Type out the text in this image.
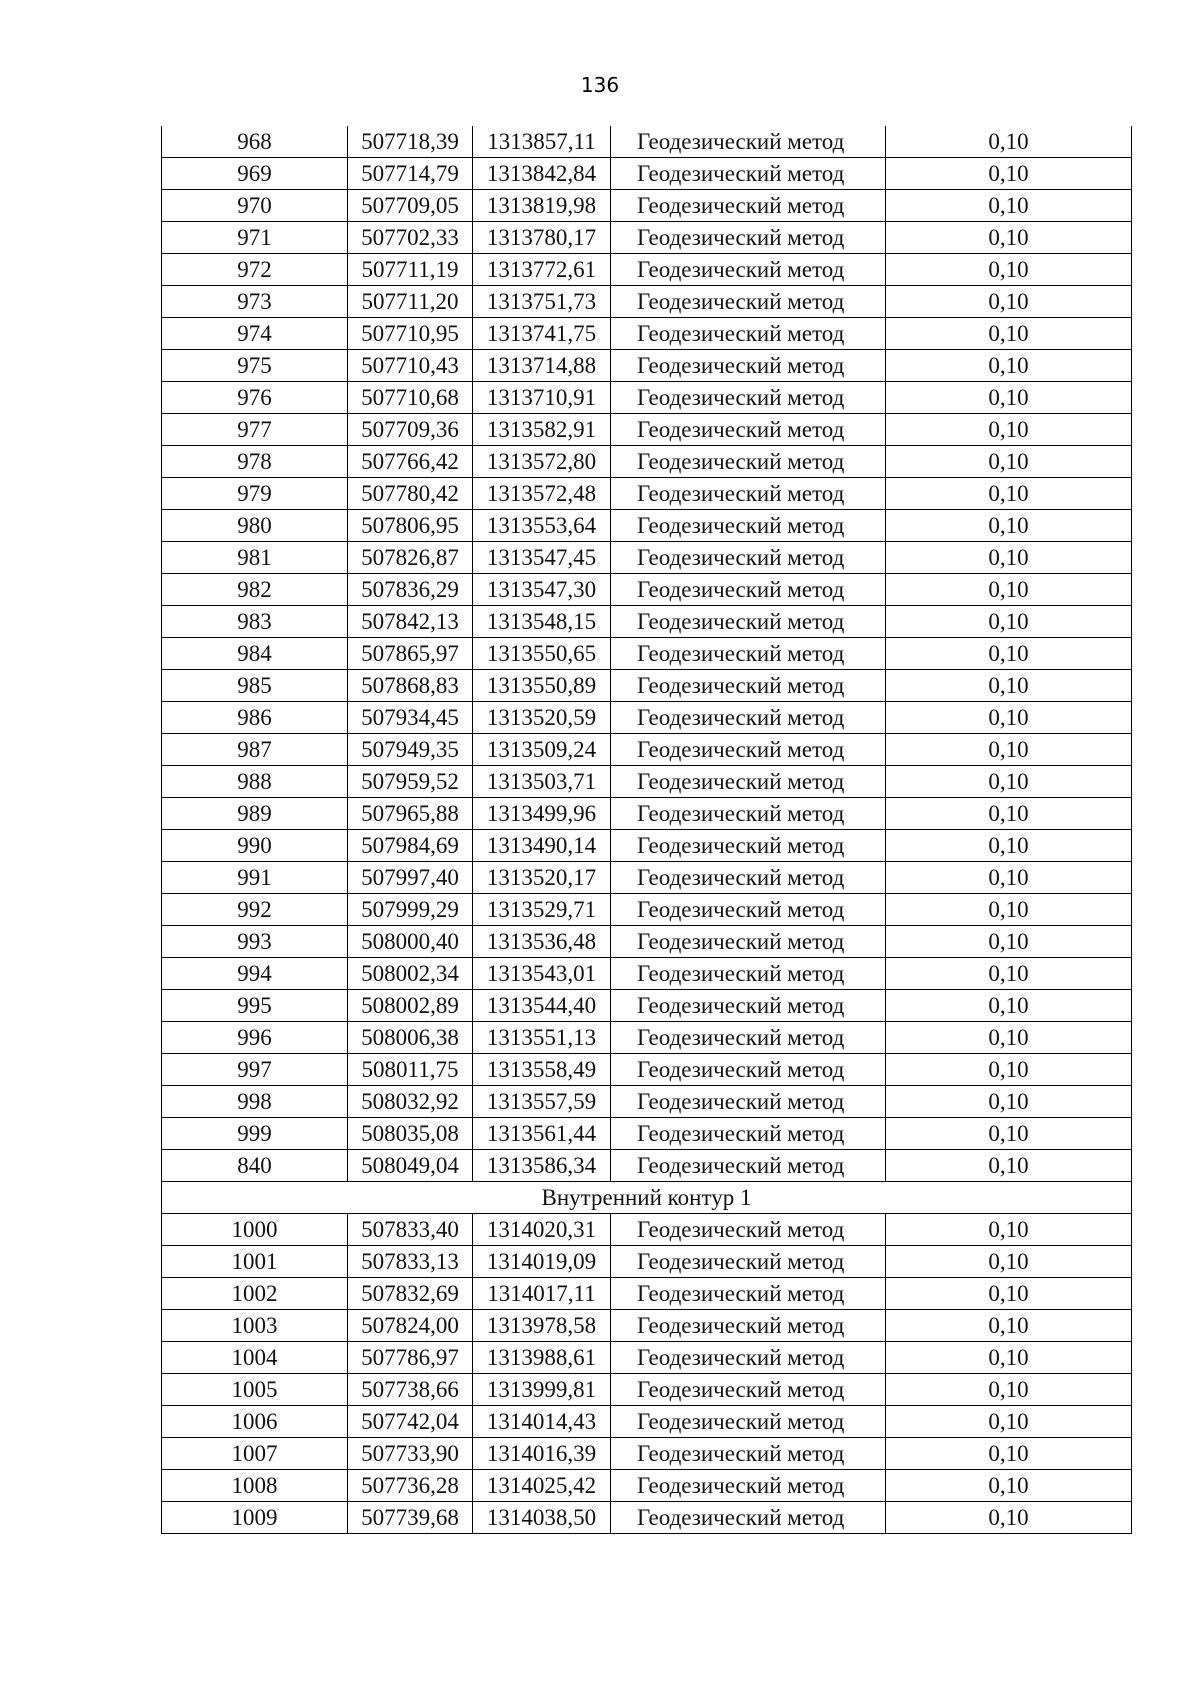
136
968	507718,39	1313857,11	Геодезический метод	0,10
969	507714,79	1313842,84	Геодезический метод	0,10
970	507709,05	1313819,98	Геодезический метод	0,10
971	507702,33	1313780,17	Геодезический метод	0,10
972	507711,19	1313772,61	Геодезический метод	0,10
973	507711,20	1313751,73	Геодезический метод	0,10
974	507710,95	1313741,75	Геодезический метод	0,10
975	507710,43	1313714,88	Геодезический метод	0,10
976	507710,68	1313710,91	Геодезический метод	0,10
977	507709,36	1313582,91	Геодезический метод	0,10
978	507766,42	1313572,80	Геодезический метод	0,10
979	507780,42	1313572,48	Геодезический метод	0,10
980	507806,95	1313553,64	Геодезический метод	0,10
981	507826,87	1313547,45	Геодезический метод	0,10
982	507836,29	1313547,30	Геодезический метод	0,10
983	507842,13	1313548,15	Геодезический метод	0,10
984	507865,97	1313550,65	Геодезический метод	0,10
985	507868,83	1313550,89	Геодезический метод	0,10
986	507934,45	1313520,59	Геодезический метод	0,10
987	507949,35	1313509,24	Геодезический метод	0,10
988	507959,52	1313503,71	Геодезический метод	0,10
989	507965,88	1313499,96	Геодезический метод	0,10
990	507984,69	1313490,14	Геодезический метод	0,10
991	507997,40	1313520,17	Геодезический метод	0,10
992	507999,29	1313529,71	Геодезический метод	0,10
993	508000,40	1313536,48	Геодезический метод	0,10
994	508002,34	1313543,01	Геодезический метод	0,10
995	508002,89	1313544,40	Геодезический метод	0,10
996	508006,38	1313551,13	Геодезический метод	0,10
997	508011,75	1313558,49	Геодезический метод	0,10
998	508032,92	1313557,59	Геодезический метод	0,10
999	508035,08	1313561,44	Геодезический метод	0,10
840	508049,04	1313586,34	Геодезический метод	0,10
Внутренний контур 1				
1000	507833,40	1314020,31	Геодезический метод	0,10
1001	507833,13	1314019,09	Геодезический метод	0,10
1002	507832,69	1314017,11	Геодезический метод	0,10
1003	507824,00	1313978,58	Геодезический метод	0,10
1004	507786,97	1313988,61	Геодезический метод	0,10
1005	507738,66	1313999,81	Геодезический метод	0,10
1006	507742,04	1314014,43	Геодезический метод	0,10
1007	507733,90	1314016,39	Геодезический метод	0,10
1008	507736,28	1314025,42	Геодезический метод	0,10
1009	507739,68	1314038,50	Геодезический метод	0,10
